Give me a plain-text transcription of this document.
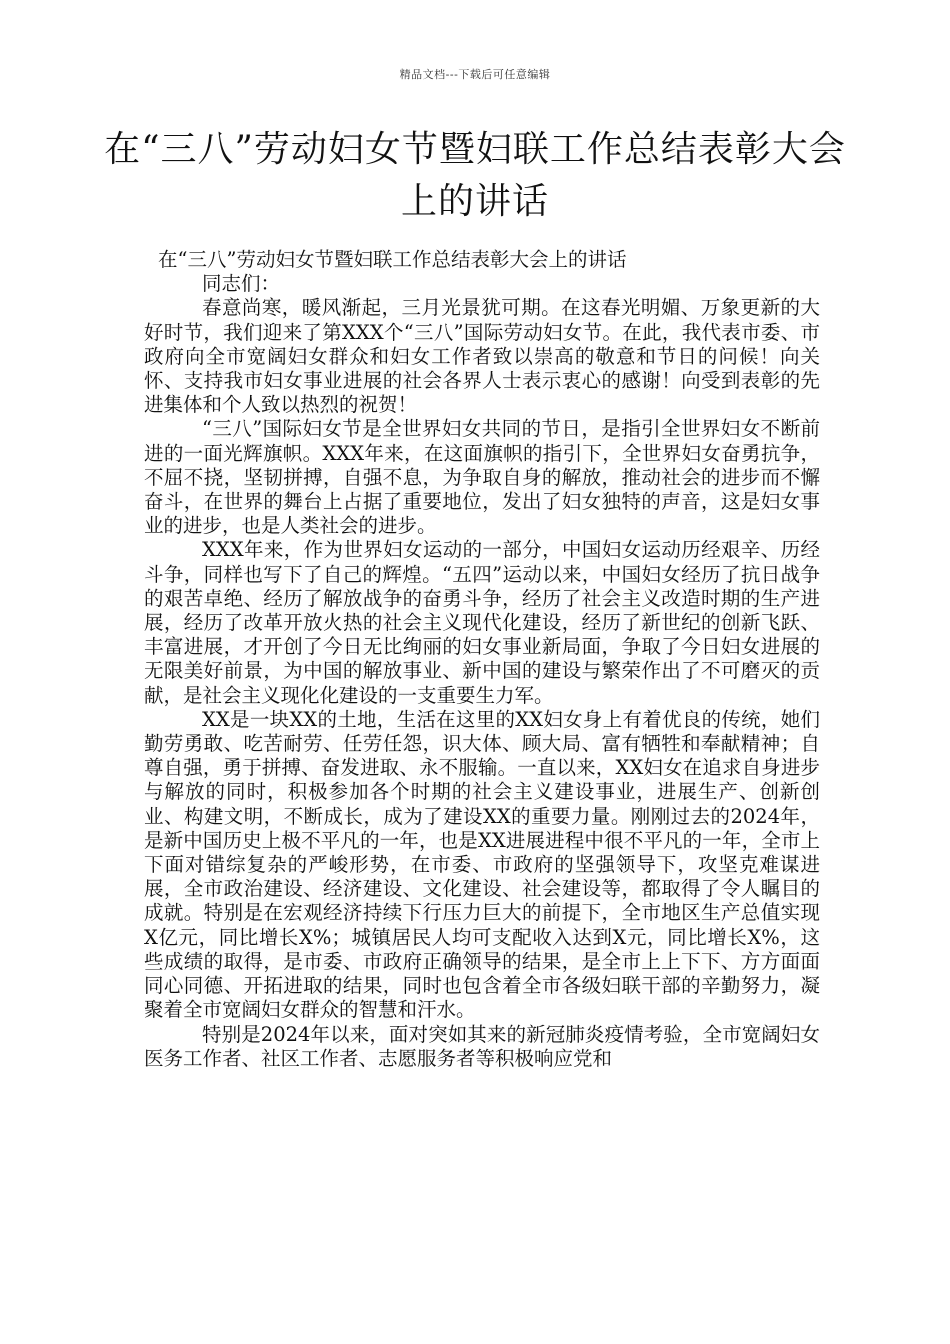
精品文档---下载后可任意编辑
在“三八”劳动妇女节暨妇联工作总结表彰大会上的讲话

在“三八”劳动妇女节暨妇联工作总结表彰大会上的讲话

同志们：

春意尚寒，暖风渐起，三月光景犹可期。在这春光明媚、万象更新的大好时节，我们迎来了第XXX个“三八”国际劳动妇女节。在此，我代表市委、市政府向全市宽阔妇女群众和妇女工作者致以崇高的敬意和节日的问候！向关怀、支持我市妇女事业进展的社会各界人士表示衷心的感谢！向受到表彰的先进集体和个人致以热烈的祝贺！

“三八”国际妇女节是全世界妇女共同的节日，是指引全世界妇女不断前进的一面光辉旗帜。XXX年来，在这面旗帜的指引下，全世界妇女奋勇抗争，不屈不挠，坚韧拼搏，自强不息，为争取自身的解放，推动社会的进步而不懈奋斗，在世界的舞台上占据了重要地位，发出了妇女独特的声音，这是妇女事业的进步，也是人类社会的进步。

XXX年来，作为世界妇女运动的一部分，中国妇女运动历经艰辛、历经斗争，同样也写下了自己的辉煌。“五四”运动以来，中国妇女经历了抗日战争的艰苦卓绝、经历了解放战争的奋勇斗争，经历了社会主义改造时期的生产进展，经历了改革开放火热的社会主义现代化建设，经历了新世纪的创新飞跃、丰富进展，才开创了今日无比绚丽的妇女事业新局面，争取了今日妇女进展的无限美好前景，为中国的解放事业、新中国的建设与繁荣作出了不可磨灭的贡献，是社会主义现化化建设的一支重要生力军。

XX是一块XX的土地，生活在这里的XX妇女身上有着优良的传统，她们勤劳勇敢、吃苦耐劳、任劳任怨，识大体、顾大局、富有牺牲和奉献精神；自尊自强，勇于拼搏、奋发进取、永不服输。一直以来，XX妇女在追求自身进步与解放的同时，积极参加各个时期的社会主义建设事业，进展生产、创新创业、构建文明，不断成长，成为了建设XX的重要力量。刚刚过去的2024年，是新中国历史上极不平凡的一年，也是XX进展进程中很不平凡的一年，全市上下面对错综复杂的严峻形势，在市委、市政府的坚强领导下，攻坚克难谋进展，全市政治建设、经济建设、文化建设、社会建设等，都取得了令人瞩目的成就。特别是在宏观经济持续下行压力巨大的前提下，全市地区生产总值实现X亿元，同比增长X%；城镇居民人均可支配收入达到X元，同比增长X%，这些成绩的取得，是市委、市政府正确领导的结果，是全市上上下下、方方面面同心同德、开拓进取的结果，同时也包含着全市各级妇联干部的辛勤努力，凝聚着全市宽阔妇女群众的智慧和汗水。

特别是2024年以来，面对突如其来的新冠肺炎疫情考验，全市宽阔妇女医务工作者、社区工作者、志愿服务者等积极响应党和
